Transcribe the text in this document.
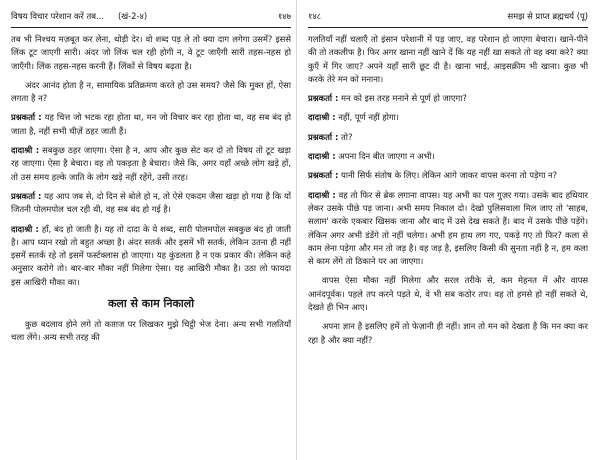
विषय विचार परेशान करें तब... (खं-2-४)	१४७

तब भी निश्चय मज़बूत कर लेना, थोड़ी देर। वो शब्द पड़ ले तो क्या दाग लगेगा उसमें? इससे लिंक टूट जाएगी सारी। अंदर जो लिंक चल रही होगी न, वे टूट जाएँगी सारी तहस-नहस हो जाएँगी। लिंक तहस-नहस करनी हैं। लिंकों से विषय बढ़ता है।

अंदर आनंद होता है न, सामायिक प्रतिक्रमण करते हो उस समय? जैसे कि मुक्त हों, ऐसा लगता है न?

प्रश्नकर्ता : यह चित्त जो भटक रहा होता था, मन जो विचार कर रहा होता था, वह सब बंद हो जाता है, नहीं सभी चीज़ें ठहर जाती हैं।

दादाश्री : सबकुछ ठहर जाएगा। ऐसा है न, आप और कुछ सेट कर दो तो विषय तो टूट खड़ा रह जाएगा। ऐसा है बेचारा। वह तो पकड़ता है बेचारा। जैसे कि, अगर यहाँ अच्छे लोग खड़े हों, तो उस समय हल्के जाति के लोग खड़े नहीं रहेंगे, उसी तरह।

प्रश्नकर्ता : यह आप जब से, दो दिन से बोले हो न, तो ऐसे एकदम जैसा खड़ा हो गया है कि यों जितनी पोलमपोल चल रही थी, वह सब बंद हो गई है।

दादाश्री : हाँ, बंद हो जाती है। यह तो दादा के ये शब्द, सारी पोलमपोल सबकुछ बंद हो जाती है। आप ध्यान रखो तो बहुत अच्छा है। अंदर सतर्क और इसमें भी सतर्क, लेकिन उतना ही नहीं इसमें सतर्क रहे तो इसमें फर्स्टक्लास हो जाएगा। यह कुंडलता है न एक प्रकार की। लेकिन कहे अनुसार करोगे तो। बार-बार मौका नहीं मिलेगा ऐसा। यह आखिरी मौका है। उठा लो फायदा इस आखिरी मौका का।

कला से काम निकालो

कुछ बदलाव होने लगे तो काग़ज पर लिखकर मुझे चिट्ठी भेज देना। अन्य सभी गलतियाँ चला लेंगे। अन्य सभी तरह की

१४८	समझ से प्राप्त ब्रह्मचर्य (पू)

गलतियाँ नहीं चलाएँ तो इंसान परेशानी में पड़ जाए, वह परेशान हो जाएगा बेचारा। खाने-पीने की तो तकलीफ है। फिर अगर खाना नहीं खाने दें कि यह नहीं खा सकते तो वह क्या करे? क्या कुएँ में गिर जाए? अपने यहाँ सारी छूट दी है। खाना भाई, आइसक्रीम भी खाना। कुछ भी करके तेरे मन को मनाना।

प्रश्नकर्ता : मन को इस तरह मनाने से पूर्ण हो जाएगा?

दादाश्री : नहीं, पूर्ण नहीं होगा।

प्रश्नकर्ता : तो?

दादाश्री : अपना दिन बीत जाएगा न अभी।

प्रश्नकर्ता : यानी सिर्फ संतोष के लिए। लेकिन आगे जाकर वापस करना तो पड़ेगा न?

दादाश्री : वह तो फिर से ब्रेक लगाना वापस। यह अभी का पल गुज़र गया। उसके बाद हथियार लेकर उसके पीछे पड़ जाना। अभी समय निकाल दो। देखो पुलिसवाला मिल जाए तो 'साहब, सलाम' करके एकबार खिसक जाना और बाद में उसे देख सकते हैं। बाद में उसके पीछे पड़ेंगे। लेकिन अगर अभी डंडेंगे तो नहीं चलेगा। अभी हम हाथ लग गए, पकड़े गए तो फिर? कला से काम लेना पड़ेगा और मन तो जड़ है। वह जड़ है, इसलिए किसी की सुनता नहीं है न, हम कला से काम लेंगे तो ठिकाने पर आ जाएगा।

वापस ऐसा मौका नहीं मिलेगा और सरल तरीके से, कम मेहनत में और वापस आनंदपूर्वक। पहले तप करने पड़ते थे, वे भी सब कठोर तप। वह तो हमसे हो नहीं सकते थे, देखते ही भिन आए।

अपना ज्ञान है इसलिए हमें तो फेज़ानी ही नहीं। ज्ञान तो मन को देखता है कि मन क्या कर रहा है और क्या नहीं?
